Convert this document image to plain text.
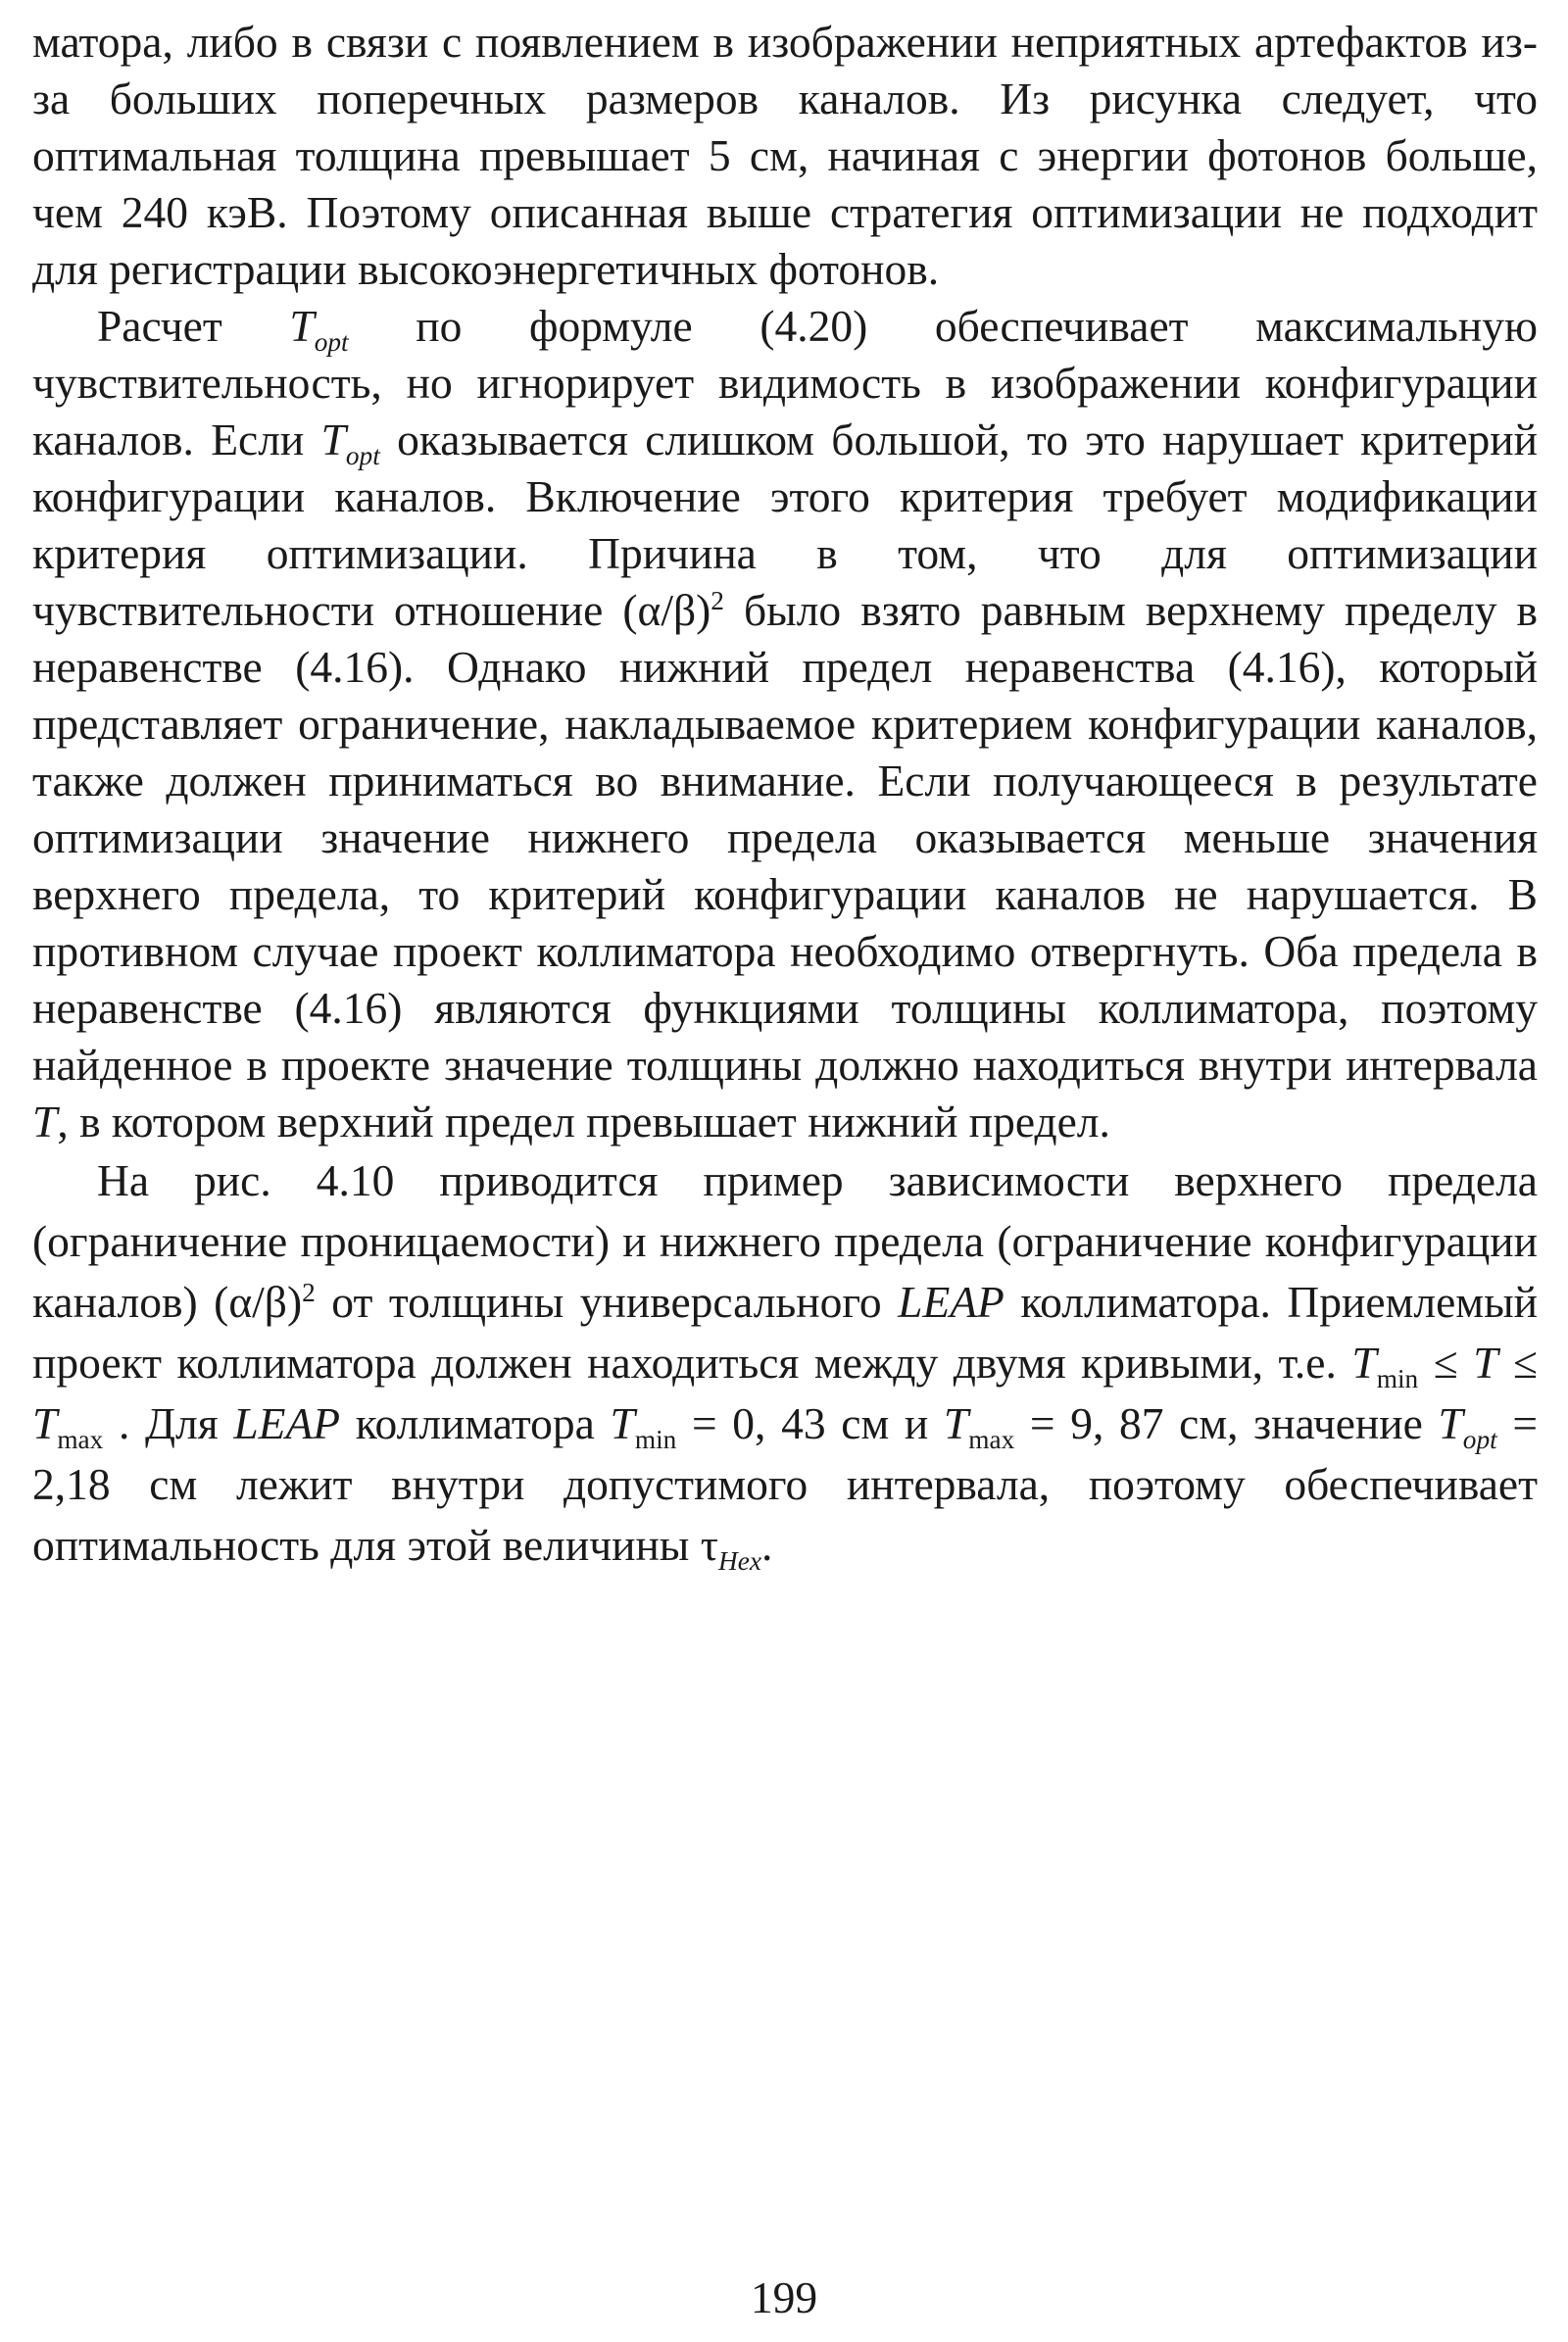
матора, либо в связи с появлением в изображении неприятных артефактов из-за больших поперечных размеров каналов. Из рисунка следует, что оптимальная толщина превышает 5 см, начиная с энергии фотонов больше, чем 240 кэВ. Поэтому описанная выше стратегия оптимизации не подходит для регистрации высокоэнергетичных фотонов.

Расчет $T_{opt}$ по формуле (4.20) обеспечивает максимальную чувствительность, но игнорирует видимость в изображении конфигурации каналов. Если $T_{opt}$ оказывается слишком большой, то это нарушает критерий конфигурации каналов. Включение этого критерия требует модификации критерия оптимизации. Причина в том, что для оптимизации чувствительности отношение $(\alpha/\beta)^2$ было взято равным верхнему пределу в неравенстве (4.16). Однако нижний предел неравенства (4.16), который представляет ограничение, накладываемое критерием конфигурации каналов, также должен приниматься во внимание. Если получающееся в результате оптимизации значение нижнего предела оказывается меньше значения верхнего предела, то критерий конфигурации каналов не нарушается. В противном случае проект коллиматора необходимо отвергнуть. Оба предела в неравенстве (4.16) являются функциями толщины коллиматора, поэтому найденное в проекте значение толщины должно находиться внутри интервала T, в котором верхний предел превышает нижний предел.

На рис. 4.10 приводится пример зависимости верхнего предела (ограничение проницаемости) и нижнего предела (ограничение конфигурации каналов) $(\alpha/\beta)^2$ от толщины универсального LEAP коллиматора. Приемлемый проект коллиматора должен находиться между двумя кривыми, т.е. $T_{min} \le T \le T_{max}$ . Для LEAP коллиматора $T_{min} = 0$, 43 см и $T_{max} = 9$, 87 см, значение $T_{opt} = 2,18$ см лежит внутри допустимого интервала, поэтому обеспечивает оптимальность для этой величины $\tau_{Hex}$.

199
